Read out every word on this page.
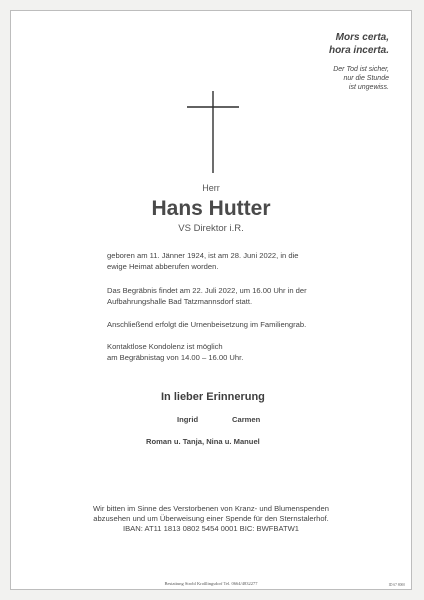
Mors certa,
hora incerta.
Der Tod ist sicher,
nur die Stunde
ist ungewiss.
Herr
Hans Hutter
VS Direktor i.R.

geboren am 11. Jänner 1924, ist am 28. Juni 2022, in die
ewige Heimat abberufen worden.

Das Begräbnis findet am 22. Juli 2022, um 16.00 Uhr in der
Aufbahrungshalle Bad Tatzmannsdorf statt.

Anschließend erfolgt die Urnenbeisetzung im Familiengrab.

Kontaktlose Kondolenz ist möglich
am Begräbnistag von 14.00 – 16.00 Uhr.

In lieber Erinnerung
Ingrid	Carmen
Roman u. Tanja, Nina u. Manuel
Wir bitten im Sinne des Verstorbenen von Kranz- und Blumenspenden
abzusehen und um Überweisung einer Spende für den Sternstalerhof.
IBAN: AT11 1813 0802 5454 0001 BIC: BWFBATW1
Bestattung Strobl Kroßlingsdorf Tel. 0664/4832277	ID 67 8000
